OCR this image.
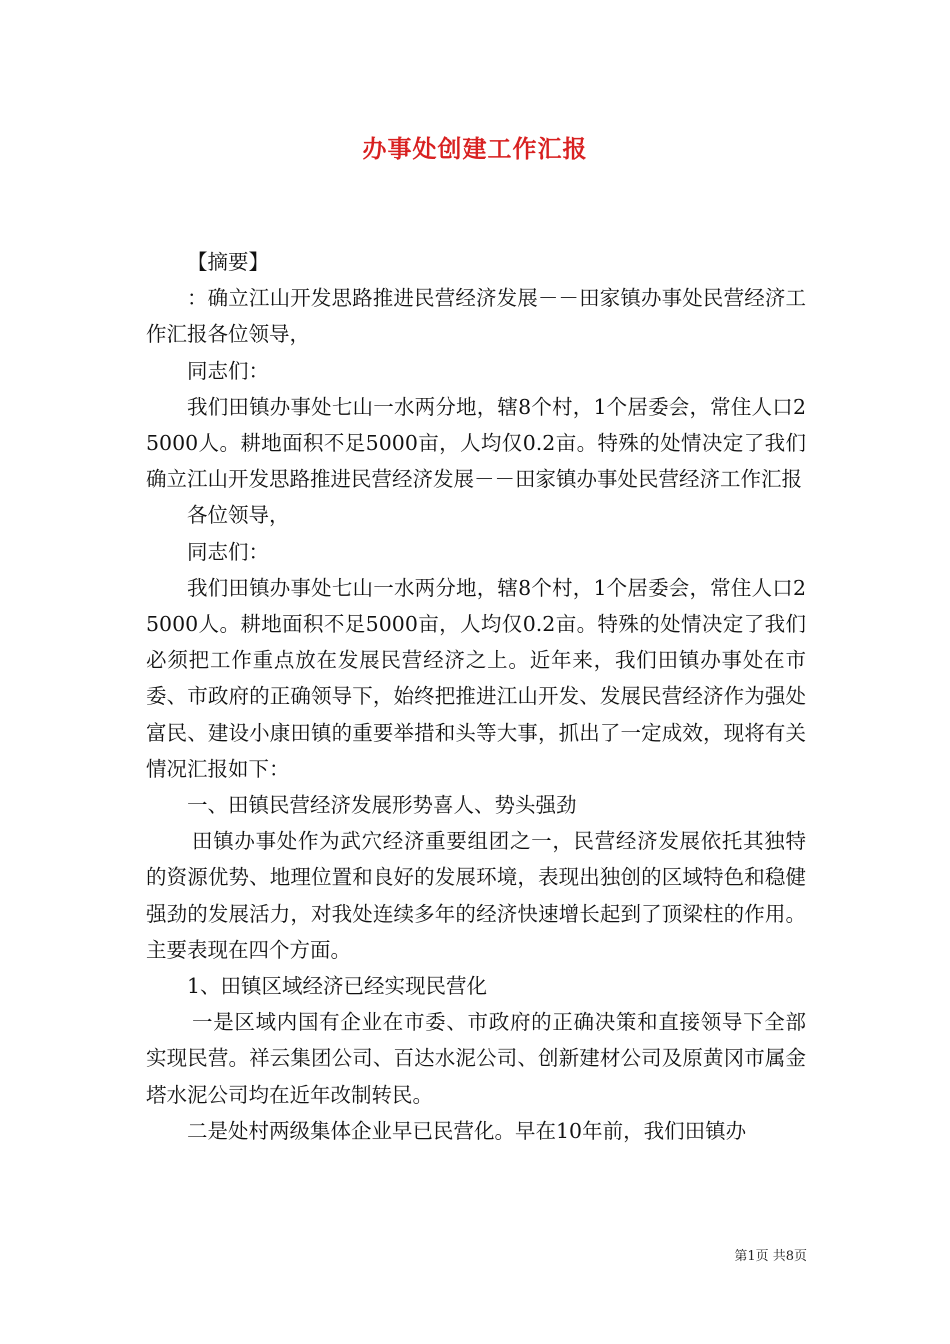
办事处创建工作汇报

【摘要】

：确立江山开发思路推进民营经济发展－－田家镇办事处民营经济工作汇报各位领导，

同志们：

我们田镇办事处七山一水两分地，辖8个村，1个居委会，常住人口25000人。耕地面积不足5000亩，人均仅0.2亩。特殊的处情决定了我们确立江山开发思路推进民营经济发展－－田家镇办事处民营经济工作汇报

各位领导，

同志们：

我们田镇办事处七山一水两分地，辖8个村，1个居委会，常住人口25000人。耕地面积不足5000亩，人均仅0.2亩。特殊的处情决定了我们必须把工作重点放在发展民营经济之上。近年来，我们田镇办事处在市委、市政府的正确领导下，始终把推进江山开发、发展民营经济作为强处富民、建设小康田镇的重要举措和头等大事，抓出了一定成效，现将有关情况汇报如下：

一、田镇民营经济发展形势喜人、势头强劲

田镇办事处作为武穴经济重要组团之一，民营经济发展依托其独特的资源优势、地理位置和良好的发展环境，表现出独创的区域特色和稳健强劲的发展活力，对我处连续多年的经济快速增长起到了顶梁柱的作用。主要表现在四个方面。

1、田镇区域经济已经实现民营化

一是区域内国有企业在市委、市政府的正确决策和直接领导下全部实现民营。祥云集团公司、百达水泥公司、创新建材公司及原黄冈市属金塔水泥公司均在近年改制转民。

二是处村两级集体企业早已民营化。早在10年前，我们田镇办

第1页 共8页
